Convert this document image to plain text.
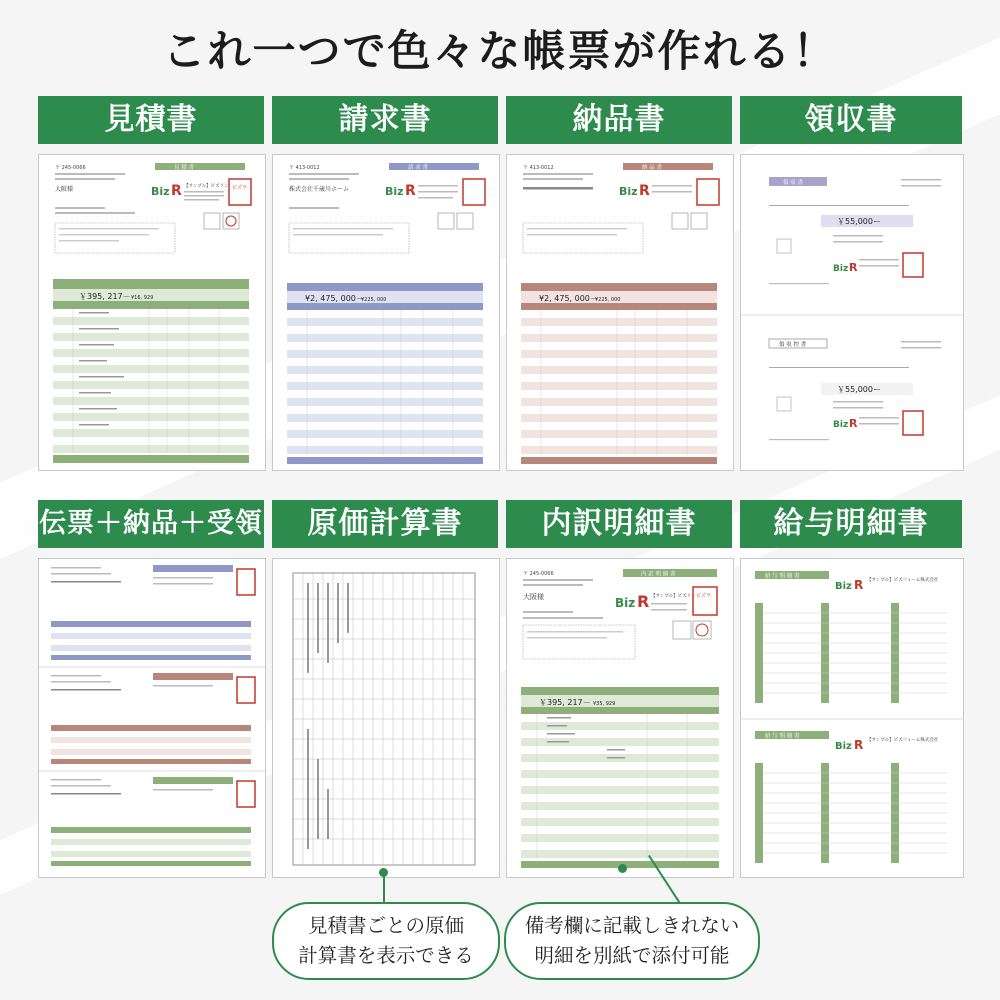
これ一つで色々な帳票が作れる！
見積書	請求書	納品書	領収書
伝票＋納品＋受領	原価計算書	内訳明細書	給与明細書
見 積 書
〒 245-0066
大阪様	Biz R 【サンプル】ビズリン ビズラ
￥395, 217－ ¥16, 929
請 求 書
〒 413-0012
株式会社千歳川ホーム	Biz R
¥2, 475, 000－
¥225, 000
納 品 書
〒 413-0012
Biz R
¥2, 475, 000－
¥225, 000
領 収 書
￥55,000ー
Biz R
領 収 控 書
￥55,000ー
Biz R
内 訳 明 細 書
〒 245-0066
大阪様	Biz R 【サンプル】ビズリン ビズラ
￥395, 217－ ¥35, 929
給 与 明 細 書
Biz R 【サンプル】ビズフォーム株式会社
給 与 明 細 書
Biz R 【サンプル】ビズフォーム株式会社
見積書ごとの原価
計算書を表示できる
備考欄に記載しきれない
明細を別紙で添付可能
